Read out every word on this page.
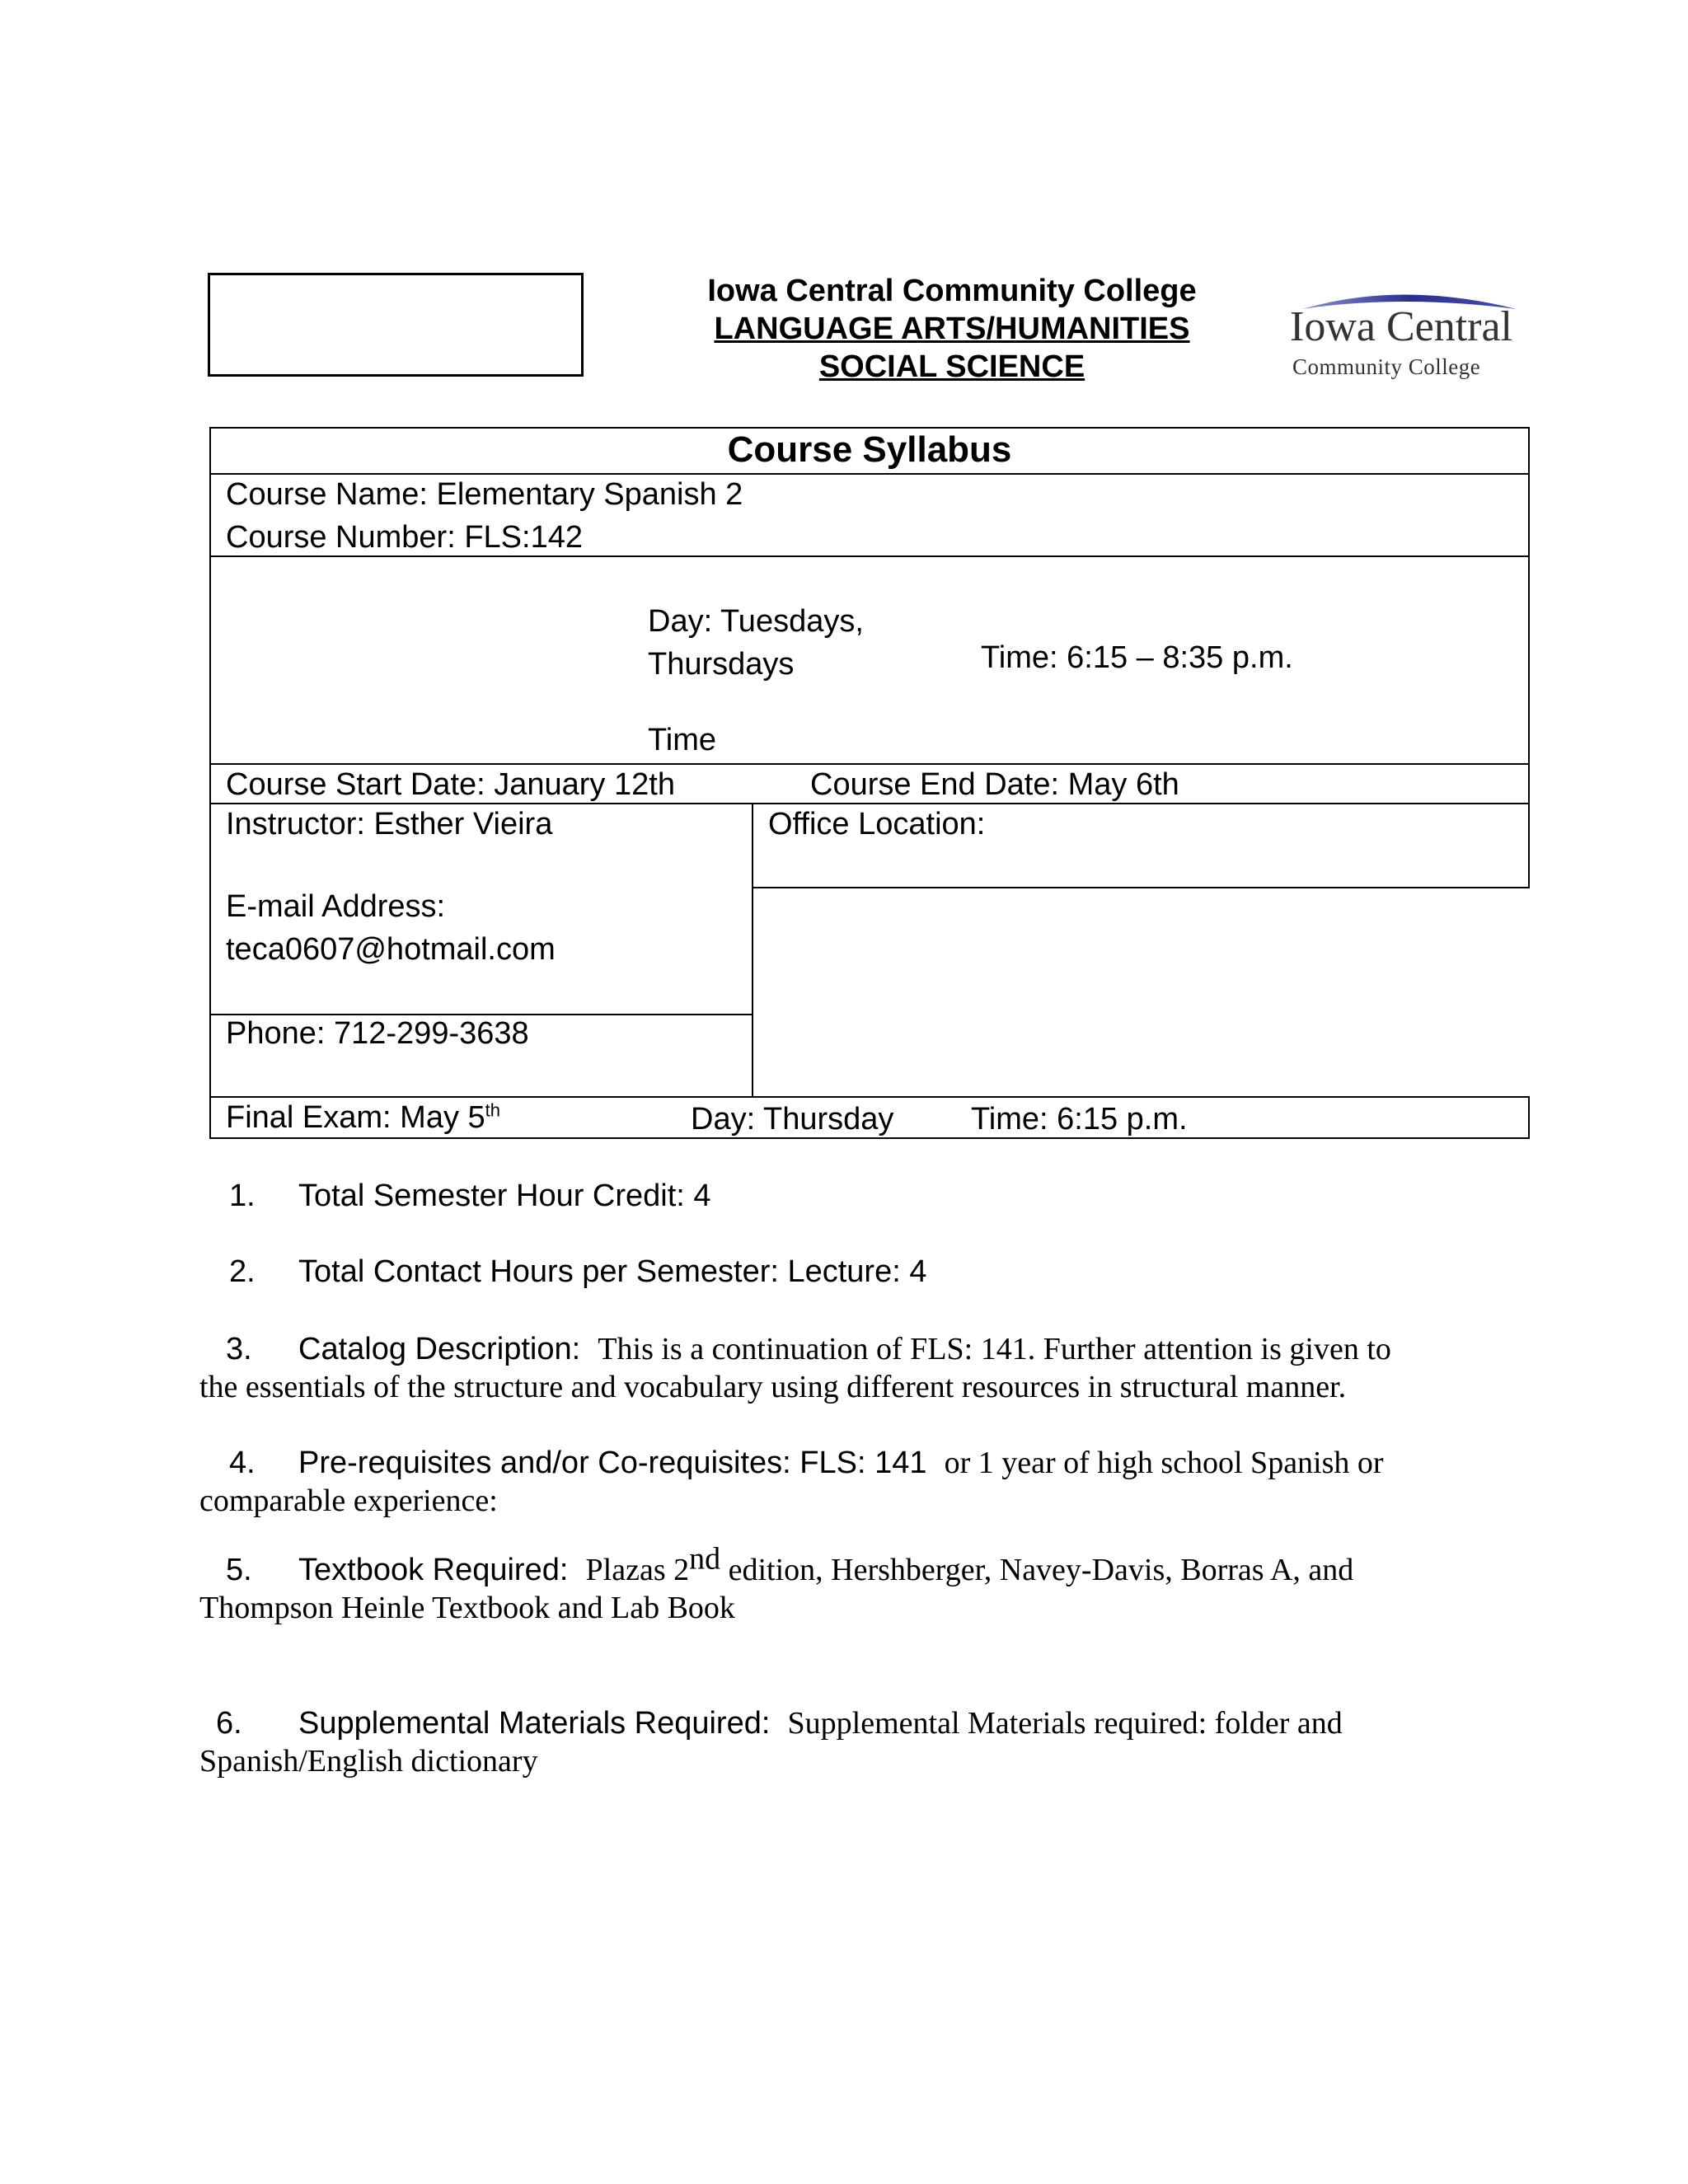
Iowa Central Community College
LANGUAGE ARTS/HUMANITIES
SOCIAL SCIENCE
Iowa Central
Community College
Course Syllabus
Course Name: Elementary Spanish 2
Course Number: FLS:142
Day: Tuesdays,
Thursdays	Time: 6:15 – 8:35 p.m.
Time
Course Start Date: January 12th	Course End Date: May 6th
Instructor: Esther Vieira	Office Location:
E-mail Address:
teca0607@hotmail.com
Phone: 712-299-3638
Final Exam: May 5th	Day: Thursday Time: 6:15 p.m.
1. Total Semester Hour Credit: 4
2. Total Contact Hours per Semester: Lecture: 4
3. Catalog Description: This is a continuation of FLS: 141. Further attention is given to
the essentials of the structure and vocabulary using different resources in structural manner.
4. Pre-requisites and/or Co-requisites: FLS: 141 or 1 year of high school Spanish or
comparable experience:
5. Textbook Required: Plazas 2nd edition, Hershberger, Navey-Davis, Borras A, and
Thompson Heinle Textbook and Lab Book
6. Supplemental Materials Required: Supplemental Materials required: folder and
Spanish/English dictionary
